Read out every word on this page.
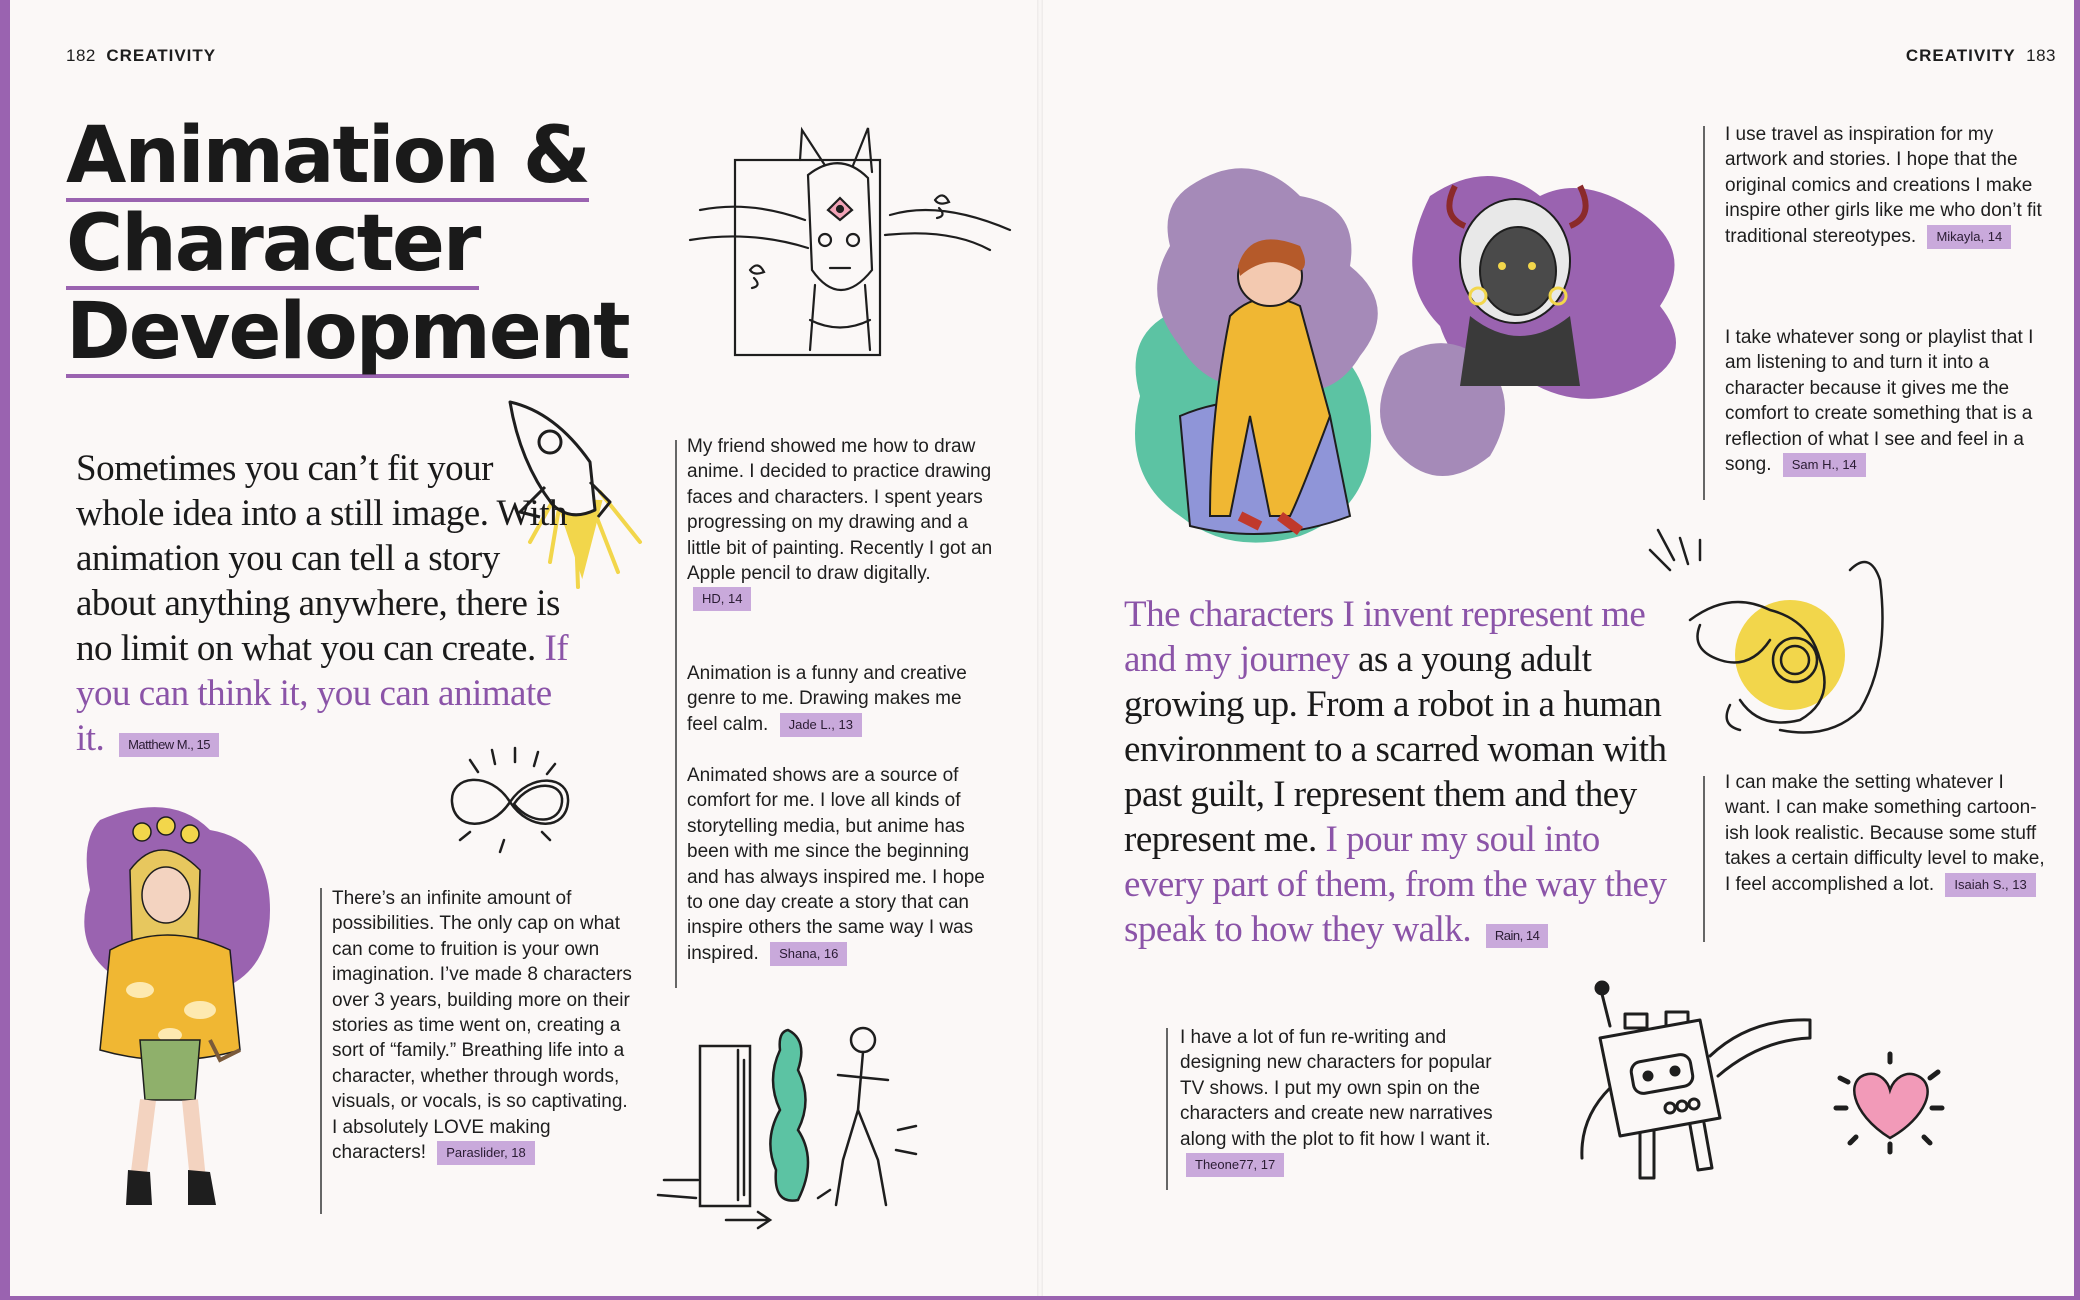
182 CREATIVITY
Animation &
Character
Development
Sometimes you can’t fit your whole idea into a still image. With animation you can tell a story about anything anywhere, there is no limit on what you can create. If you can think it, you can animate it. Matthew M., 15
There’s an infinite amount of possibilities. The only cap on what can come to fruition is your own imagination. I’ve made 8 characters over 3 years, building more on their stories as time went on, creating a sort of “family.” Breathing life into a character, whether through words, visuals, or vocals, is so captivating. I absolutely LOVE making characters! Paraslider, 18
My friend showed me how to draw anime. I decided to practice drawing faces and characters. I spent years progressing on my drawing and a little bit of painting. Recently I got an Apple pencil to draw digitally. HD, 14
Animation is a funny and creative genre to me. Drawing makes me feel calm. Jade L., 13
Animated shows are a source of comfort for me. I love all kinds of storytelling media, but anime has been with me since the beginning and has always inspired me. I hope to one day create a story that can inspire others the same way I was inspired. Shana, 16
CREATIVITY 183
I use travel as inspiration for my artwork and stories. I hope that the original comics and creations I make inspire other girls like me who don’t fit traditional stereotypes. Mikayla, 14
I take whatever song or playlist that I am listening to and turn it into a character because it gives me the comfort to create something that is a reflection of what I see and feel in a song. Sam H., 14
I can make the setting whatever I want. I can make something cartoon-ish look realistic. Because some stuff takes a certain difficulty level to make, I feel accomplished a lot. Isaiah S., 13
The characters I invent represent me and my journey as a young adult growing up. From a robot in a human environment to a scarred woman with past guilt, I represent them and they represent me. I pour my soul into every part of them, from the way they speak to how they walk. Rain, 14
I have a lot of fun re-writing and designing new characters for popular TV shows. I put my own spin on the characters and create new narratives along with the plot to fit how I want it. Theone77, 17
